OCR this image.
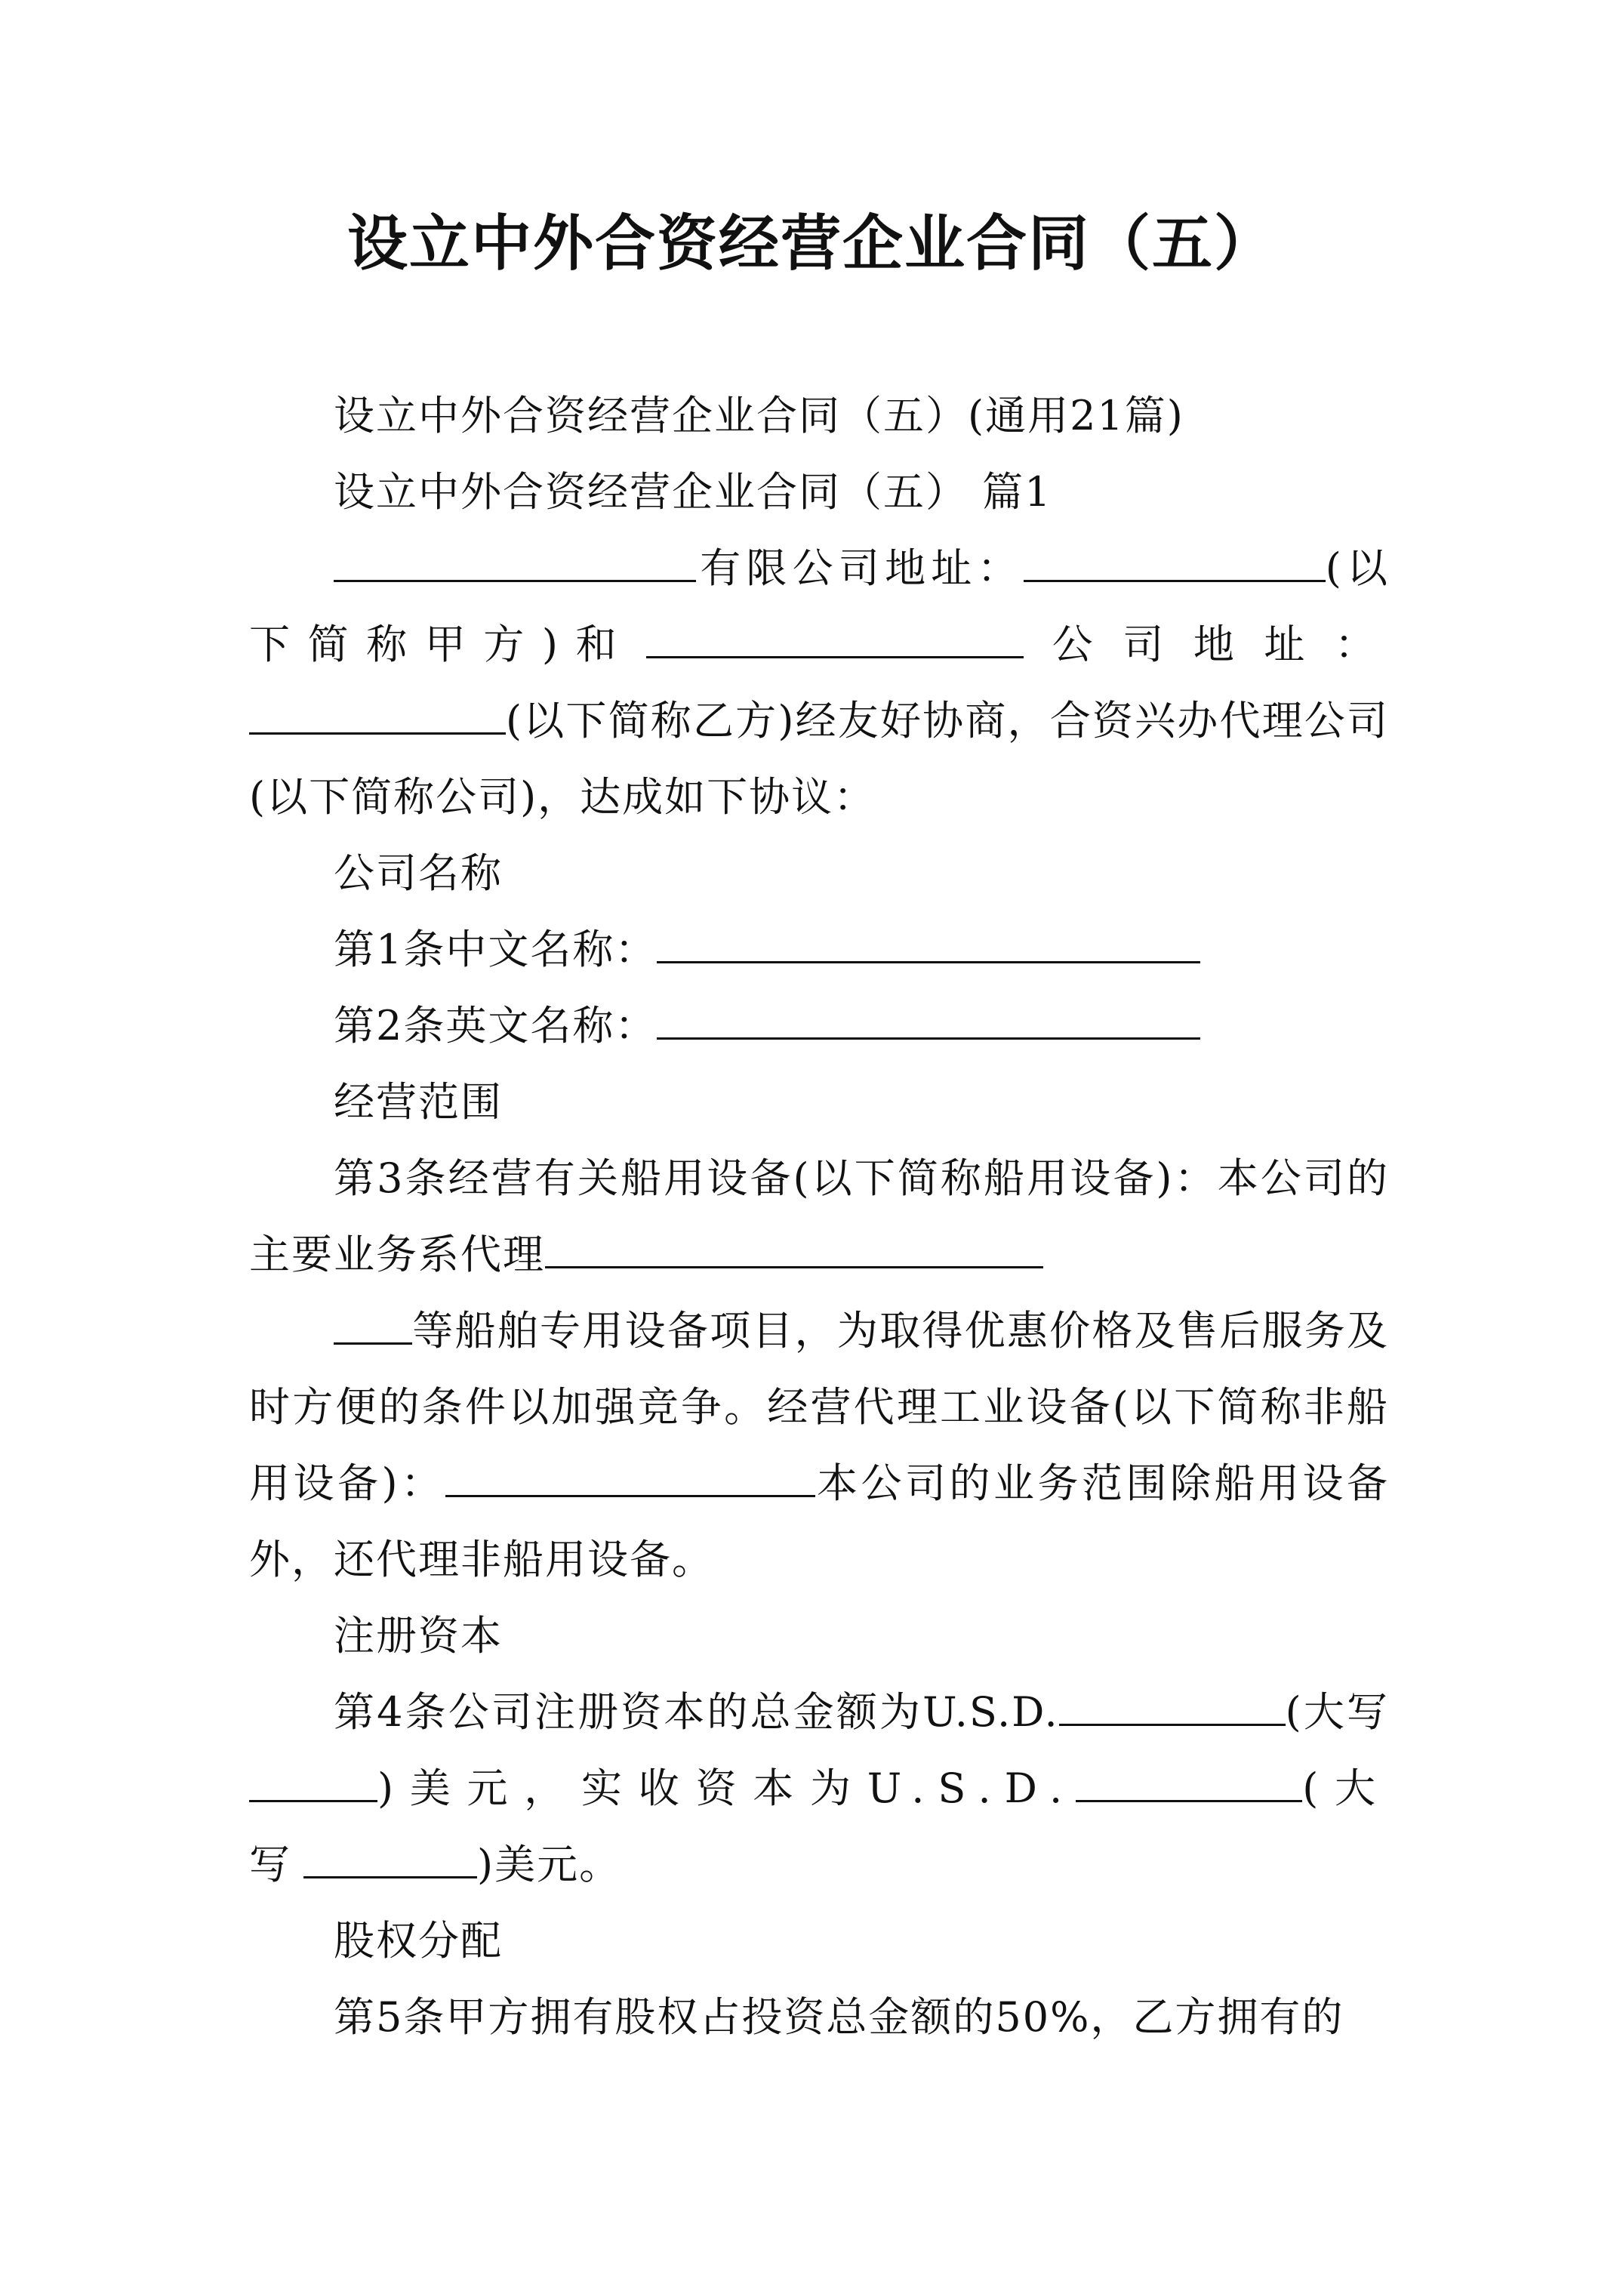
设立中外合资经营企业合同（五）

设立中外合资经营企业合同（五）(通用21篇)

设立中外合资经营企业合同（五） 篇1

有限公司地址：	(以下简称甲方)和	公司地址：(以下简称乙方)经友好协商，合资兴办代理公司(以下简称公司)，达成如下协议：

公司名称

第1条中文名称：

第2条英文名称：

经营范围

第3条经营有关船用设备(以下简称船用设备)：本公司的主要业务系代理

等船舶专用设备项目，为取得优惠价格及售后服务及时方便的条件以加强竞争。经营代理工业设备(以下简称非船用设备)：	本公司的业务范围除船用设备外，还代理非船用设备。

注册资本

第4条公司注册资本的总金额为U.S.D.	(大写)美元，实收资本为U.S.D.	(大写	)美元。

股权分配

第5条甲方拥有股权占投资总金额的50%，乙方拥有的
